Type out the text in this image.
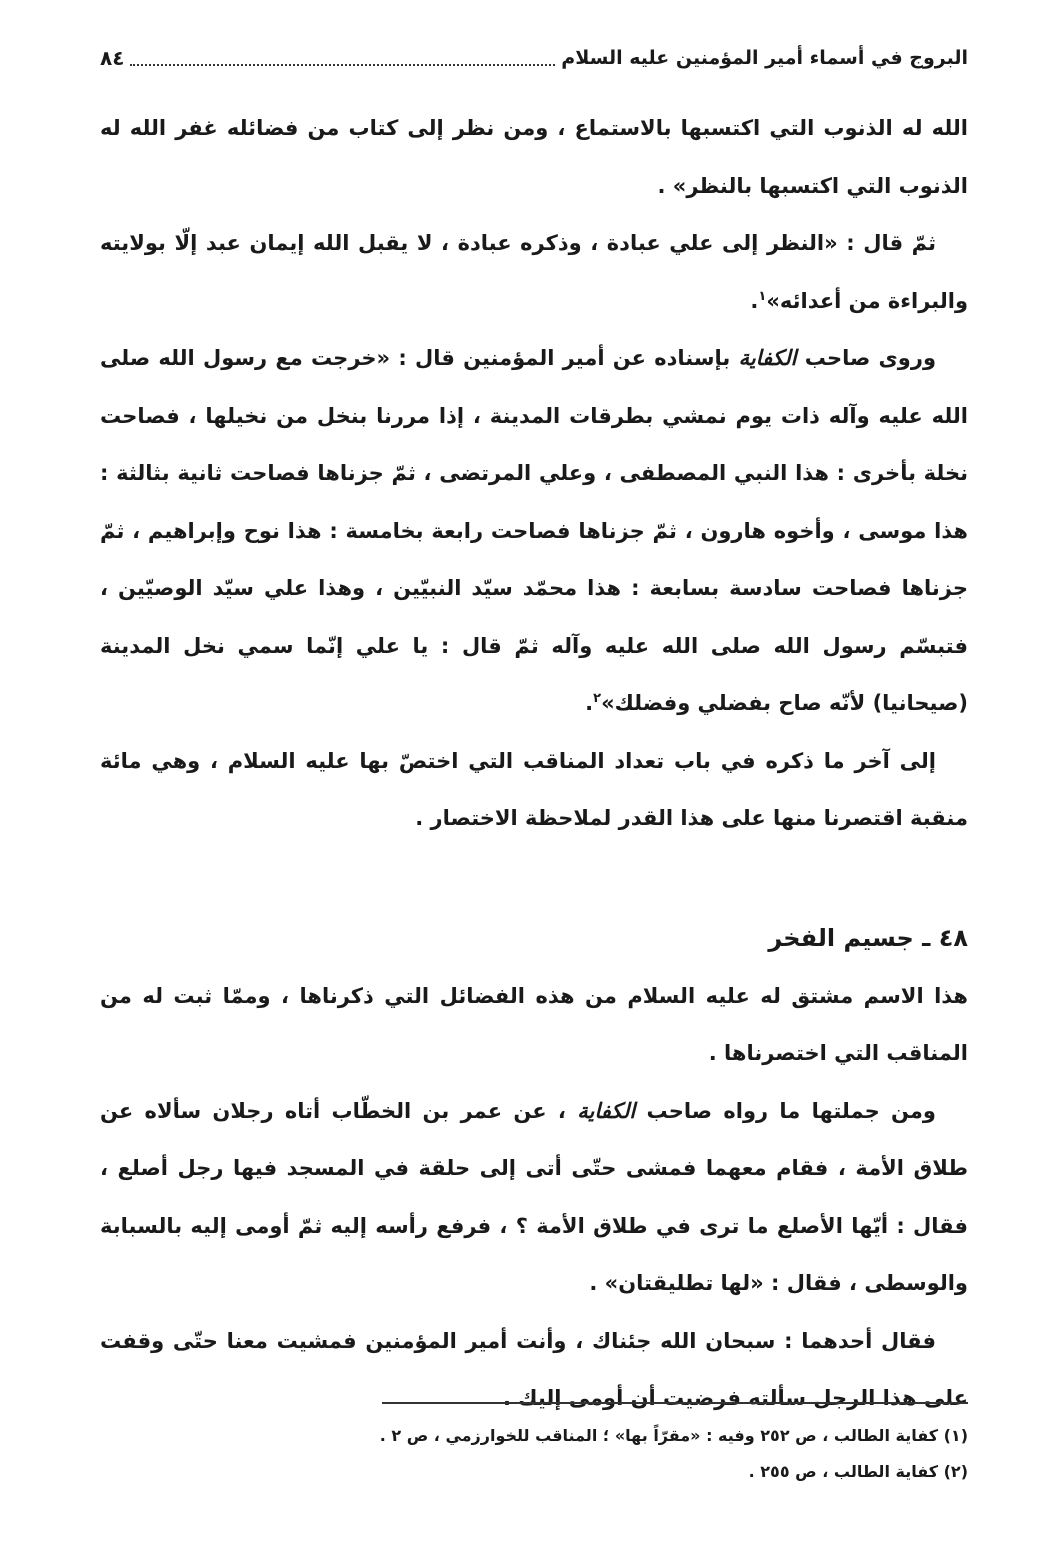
البروج في أسماء أمير المؤمنين عليه السلام
٨٤

الله له الذنوب التي اكتسبها بالاستماع ، ومن نظر إلى كتاب من فضائله غفر الله له الذنوب التي اكتسبها بالنظر» .

ثمّ قال : «النظر إلى علي عبادة ، وذكره عبادة ، لا يقبل الله إيمان عبد إلّا بولايته والبراءة من أعدائه»$^١$.

وروى صاحب الكفاية بإسناده عن أمير المؤمنين قال : «خرجت مع رسول الله صلى الله عليه وآله ذات يوم نمشي بطرقات المدينة ، إذا مررنا بنخل من نخيلها ، فصاحت نخلة بأخرى : هذا النبي المصطفى ، وعلي المرتضى ، ثمّ جزناها فصاحت ثانية بثالثة : هذا موسى ، وأخوه هارون ، ثمّ جزناها فصاحت رابعة بخامسة : هذا نوح وإبراهيم ، ثمّ جزناها فصاحت سادسة بسابعة : هذا محمّد سيّد النبيّين ، وهذا علي سيّد الوصيّين ، فتبسّم رسول الله صلى الله عليه وآله ثمّ قال : يا علي إنّما سمي نخل المدينة (صيحانيا) لأنّه صاح بفضلي وفضلك»$^٢$.

إلى آخر ما ذكره في باب تعداد المناقب التي اختصّ بها عليه السلام ، وهي مائة منقبة اقتصرنا منها على هذا القدر لملاحظة الاختصار .

٤٨ ـ جسيم الفخر

هذا الاسم مشتق له عليه السلام من هذه الفضائل التي ذكرناها ، وممّا ثبت له من المناقب التي اختصرناها .

ومن جملتها ما رواه صاحب الكفاية ، عن عمر بن الخطّاب أتاه رجلان سألاه عن طلاق الأمة ، فقام معهما فمشى حتّى أتى إلى حلقة في المسجد فيها رجل أصلع ، فقال : أيّها الأصلع ما ترى في طلاق الأمة ؟ ، فرفع رأسه إليه ثمّ أومى إليه بالسبابة والوسطى ، فقال : «لها تطليقتان» .

فقال أحدهما : سبحان الله جئناك ، وأنت أمير المؤمنين فمشيت معنا حتّى وقفت على هذا الرجل سألته فرضيت أن أومى إليك .

(١) كفاية الطالب ، ص ٢٥٢ وفيه : «مقرّاً بها» ؛ المناقب للخوارزمي ، ص ٢ .

(٢) كفاية الطالب ، ص ٢٥٥ .
